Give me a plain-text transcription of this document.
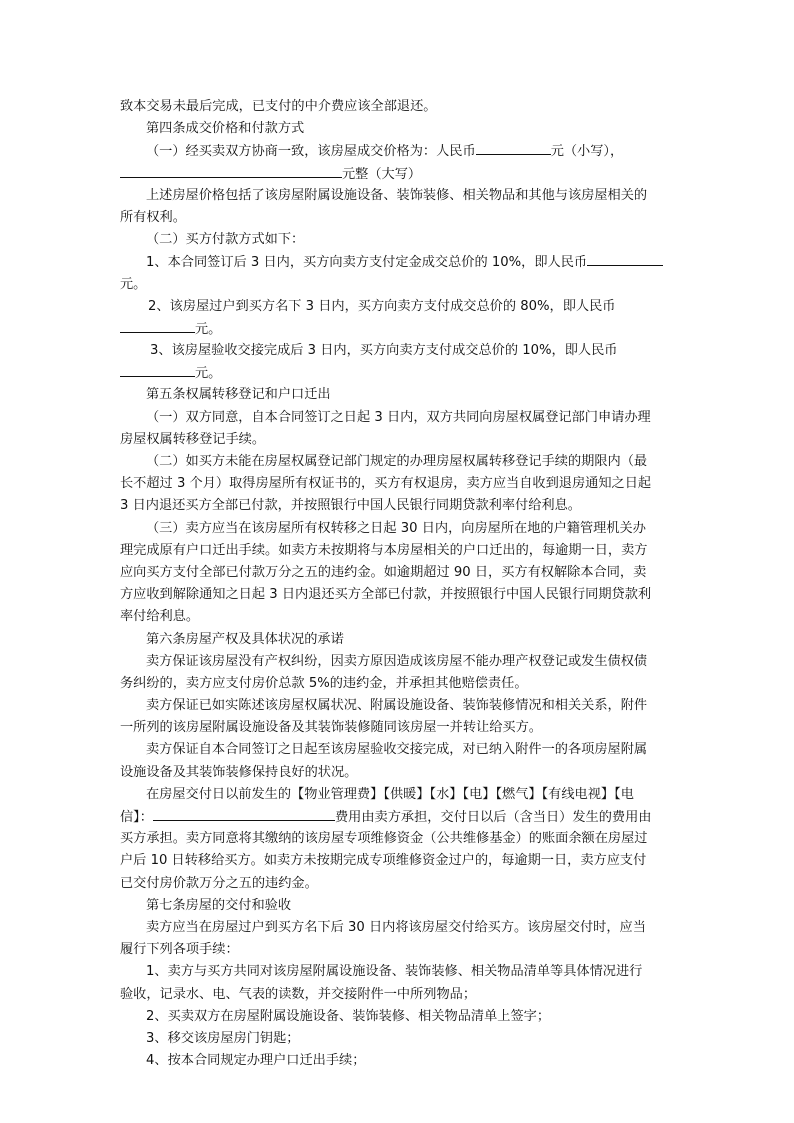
致本交易未最后完成，已支付的中介费应该全部退还。
第四条成交价格和付款方式
（一）经买卖双方协商一致，该房屋成交价格为：人民币	元（小写），
元整（大写）
上述房屋价格包括了该房屋附属设施设备、装饰装修、相关物品和其他与该房屋相关的
所有权利。
（二）买方付款方式如下：
1、本合同签订后 3 日内，买方向卖方支付定金成交总价的 10%，即人民币
元。
2、该房屋过户到买方名下 3 日内，买方向卖方支付成交总价的 80%，即人民币
元。
3、该房屋验收交接完成后 3 日内，买方向卖方支付成交总价的 10%，即人民币
元。
第五条权属转移登记和户口迁出
（一）双方同意，自本合同签订之日起 3 日内，双方共同向房屋权属登记部门申请办理
房屋权属转移登记手续。
（二）如买方未能在房屋权属登记部门规定的办理房屋权属转移登记手续的期限内（最
长不超过 3 个月）取得房屋所有权证书的，买方有权退房，卖方应当自收到退房通知之日起
3 日内退还买方全部已付款，并按照银行中国人民银行同期贷款利率付给利息。
（三）卖方应当在该房屋所有权转移之日起 30 日内，向房屋所在地的户籍管理机关办
理完成原有户口迁出手续。如卖方未按期将与本房屋相关的户口迁出的，每逾期一日，卖方
应向买方支付全部已付款万分之五的违约金。如逾期超过 90 日，买方有权解除本合同，卖
方应收到解除通知之日起 3 日内退还买方全部已付款，并按照银行中国人民银行同期贷款利
率付给利息。
第六条房屋产权及具体状况的承诺
卖方保证该房屋没有产权纠纷，因卖方原因造成该房屋不能办理产权登记或发生债权债
务纠纷的，卖方应支付房价总款 5%的违约金，并承担其他赔偿责任。
卖方保证已如实陈述该房屋权属状况、附属设施设备、装饰装修情况和相关关系，附件
一所列的该房屋附属设施设备及其装饰装修随同该房屋一并转让给买方。
卖方保证自本合同签订之日起至该房屋验收交接完成，对已纳入附件一的各项房屋附属
设施设备及其装饰装修保持良好的状况。
在房屋交付日以前发生的【物业管理费】【供暖】【水】【电】【燃气】【有线电视】【电
信】：	费用由卖方承担，交付日以后（含当日）发生的费用由
买方承担。卖方同意将其缴纳的该房屋专项维修资金（公共维修基金）的账面余额在房屋过
户后 10 日转移给买方。如卖方未按期完成专项维修资金过户的，每逾期一日，卖方应支付
已交付房价款万分之五的违约金。
第七条房屋的交付和验收
卖方应当在房屋过户到买方名下后 30 日内将该房屋交付给买方。该房屋交付时，应当
履行下列各项手续：
1、卖方与买方共同对该房屋附属设施设备、装饰装修、相关物品清单等具体情况进行
验收，记录水、电、气表的读数，并交接附件一中所列物品；
2、买卖双方在房屋附属设施设备、装饰装修、相关物品清单上签字；
3、移交该房屋房门钥匙；
4、按本合同规定办理户口迁出手续；
